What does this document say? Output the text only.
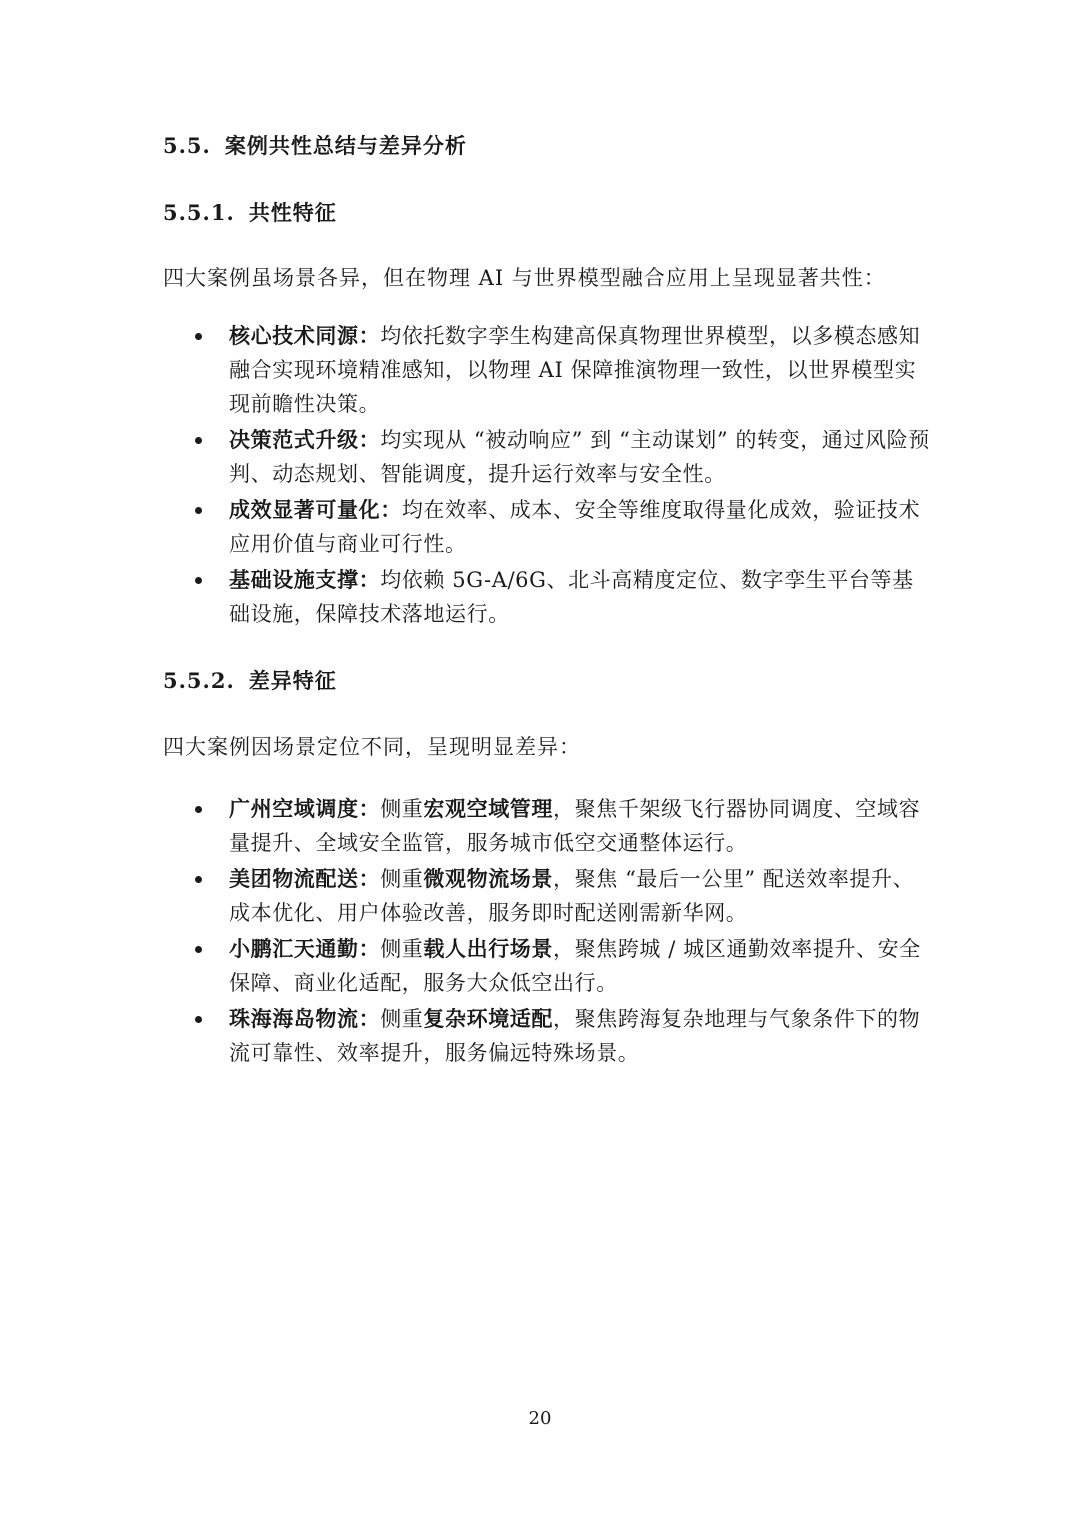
5.5. 案例共性总结与差异分析
5.5.1. 共性特征
四大案例虽场景各异，但在物理 AI 与世界模型融合应用上呈现显著共性：
核心技术同源：均依托数字孪生构建高保真物理世界模型，以多模态感知融合实现环境精准感知，以物理 AI 保障推演物理一致性，以世界模型实现前瞻性决策。
决策范式升级：均实现从 “被动响应” 到 “主动谋划” 的转变，通过风险预判、动态规划、智能调度，提升运行效率与安全性。
成效显著可量化：均在效率、成本、安全等维度取得量化成效，验证技术应用价值与商业可行性。
基础设施支撑：均依赖 5G-A/6G、北斗高精度定位、数字孪生平台等基础设施，保障技术落地运行。
5.5.2. 差异特征
四大案例因场景定位不同，呈现明显差异：
广州空域调度：侧重宏观空域管理，聚焦千架级飞行器协同调度、空域容量提升、全域安全监管，服务城市低空交通整体运行。
美团物流配送：侧重微观物流场景，聚焦 “最后一公里” 配送效率提升、成本优化、用户体验改善，服务即时配送刚需新华网。
小鹏汇天通勤：侧重载人出行场景，聚焦跨城 / 城区通勤效率提升、安全保障、商业化适配，服务大众低空出行。
珠海海岛物流：侧重复杂环境适配，聚焦跨海复杂地理与气象条件下的物流可靠性、效率提升，服务偏远特殊场景。
20
